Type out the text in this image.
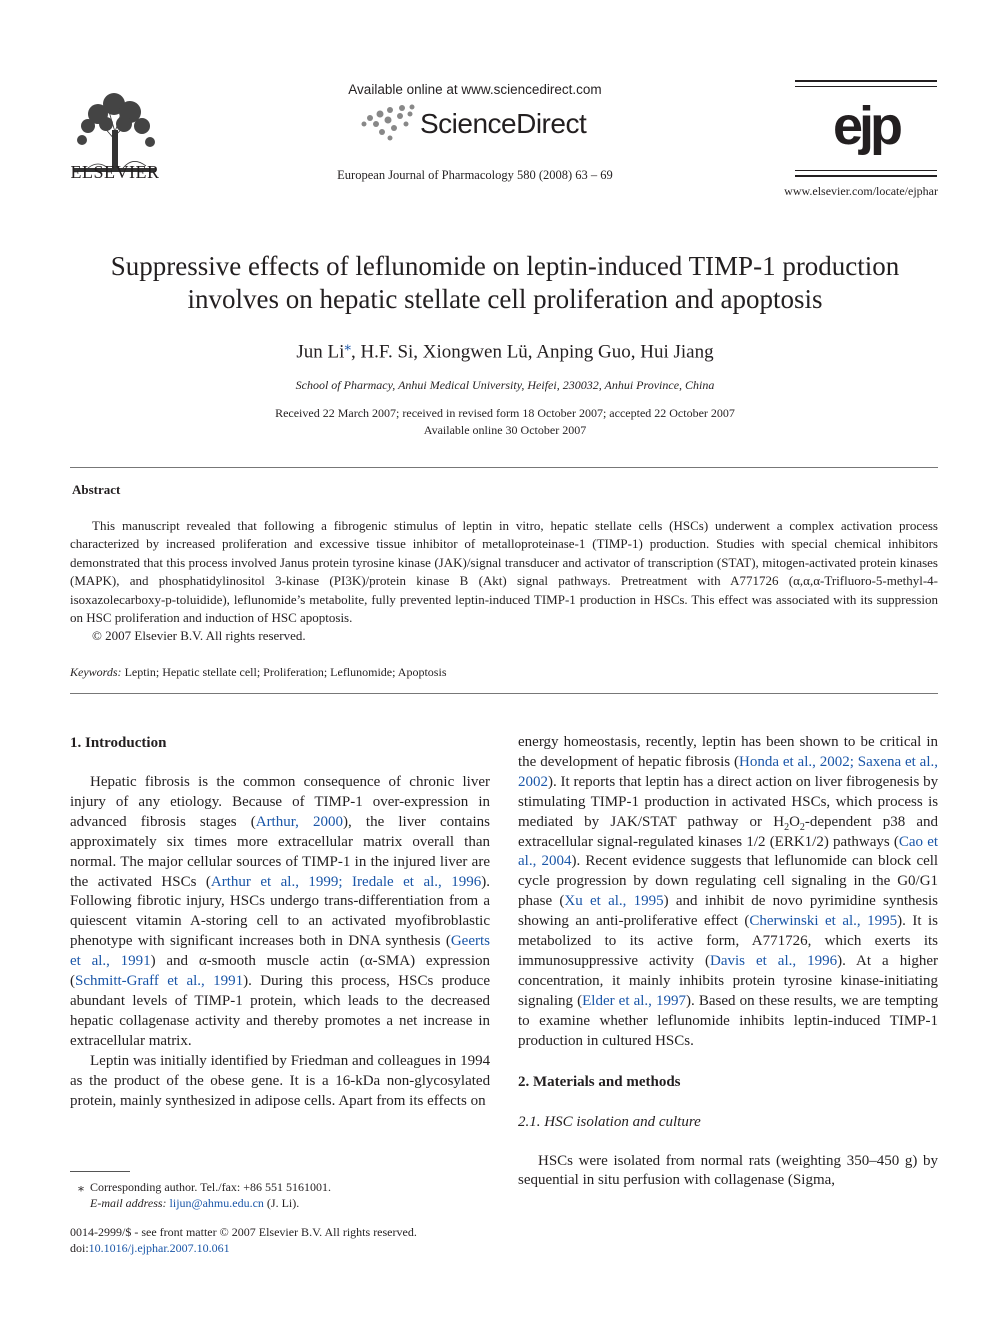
ELSEVIER
Available online at www.sciencedirect.com
ScienceDirect
European Journal of Pharmacology 580 (2008) 63 – 69
ejp
www.elsevier.com/locate/ejphar
Suppressive effects of leflunomide on leptin-induced TIMP-1 production
involves on hepatic stellate cell proliferation and apoptosis
Jun Li⁎, H.F. Si, Xiongwen Lü, Anping Guo, Hui Jiang
School of Pharmacy, Anhui Medical University, Heifei, 230032, Anhui Province, China
Received 22 March 2007; received in revised form 18 October 2007; accepted 22 October 2007
Available online 30 October 2007
Abstract

This manuscript revealed that following a fibrogenic stimulus of leptin in vitro, hepatic stellate cells (HSCs) underwent a complex activation process characterized by increased proliferation and excessive tissue inhibitor of metalloproteinase-1 (TIMP-1) production. Studies with special chemical inhibitors demonstrated that this process involved Janus protein tyrosine kinase (JAK)/signal transducer and activator of transcription (STAT), mitogen-activated protein kinases (MAPK), and phosphatidylinositol 3-kinase (PI3K)/protein kinase B (Akt) signal pathways. Pretreatment with A771726 (α,α,α-Trifluoro-5-methyl-4-isoxazolecarboxy-p-toluidide), leflunomide’s metabolite, fully prevented leptin-induced TIMP-1 production in HSCs. This effect was associated with its suppression on HSC proliferation and induction of HSC apoptosis.

© 2007 Elsevier B.V. All rights reserved.

Keywords: Leptin; Hepatic stellate cell; Proliferation; Leflunomide; Apoptosis
1. Introduction

Hepatic fibrosis is the common consequence of chronic liver injury of any etiology. Because of TIMP-1 over-expression in advanced fibrosis stages (Arthur, 2000), the liver contains approximately six times more extracellular matrix overall than normal. The major cellular sources of TIMP-1 in the injured liver are the activated HSCs (Arthur et al., 1999; Iredale et al., 1996). Following fibrotic injury, HSCs undergo trans-differentiation from a quiescent vitamin A-storing cell to an activated myofibroblastic phenotype with significant increases both in DNA synthesis (Geerts et al., 1991) and α-smooth muscle actin (α-SMA) expression (Schmitt-Graff et al., 1991). During this process, HSCs produce abundant levels of TIMP-1 protein, which leads to the decreased hepatic collagenase activity and thereby promotes a net increase in extracellular matrix.

Leptin was initially identified by Friedman and colleagues in 1994 as the product of the obese gene. It is a 16-kDa non-glycosylated protein, mainly synthesized in adipose cells. Apart from its effects on

⁎ Corresponding author. Tel./fax: +86 551 5161001.
E-mail address: lijun@ahmu.edu.cn (J. Li).
0014-2999/$ - see front matter © 2007 Elsevier B.V. All rights reserved.
doi:10.1016/j.ejphar.2007.10.061

energy homeostasis, recently, leptin has been shown to be critical in the development of hepatic fibrosis (Honda et al., 2002; Saxena et al., 2002). It reports that leptin has a direct action on liver fibrogenesis by stimulating TIMP-1 production in activated HSCs, which process is mediated by JAK/STAT pathway or $H_2O_2$-dependent p38 and extracellular signal-regulated kinases 1/2 (ERK1/2) pathways (Cao et al., 2004). Recent evidence suggests that leflunomide can block cell cycle progression by down regulating cell signaling in the G0/G1 phase (Xu et al., 1995) and inhibit de novo pyrimidine synthesis showing an anti-proliferative effect (Cherwinski et al., 1995). It is metabolized to its active form, A771726, which exerts its immunosuppressive activity (Davis et al., 1996). At a higher concentration, it mainly inhibits protein tyrosine kinase-initiating signaling (Elder et al., 1997). Based on these results, we are tempting to examine whether leflunomide inhibits leptin-induced TIMP-1 production in cultured HSCs.

2. Materials and methods
2.1. HSC isolation and culture

HSCs were isolated from normal rats (weighting 350–450 g) by sequential in situ perfusion with collagenase (Sigma,
